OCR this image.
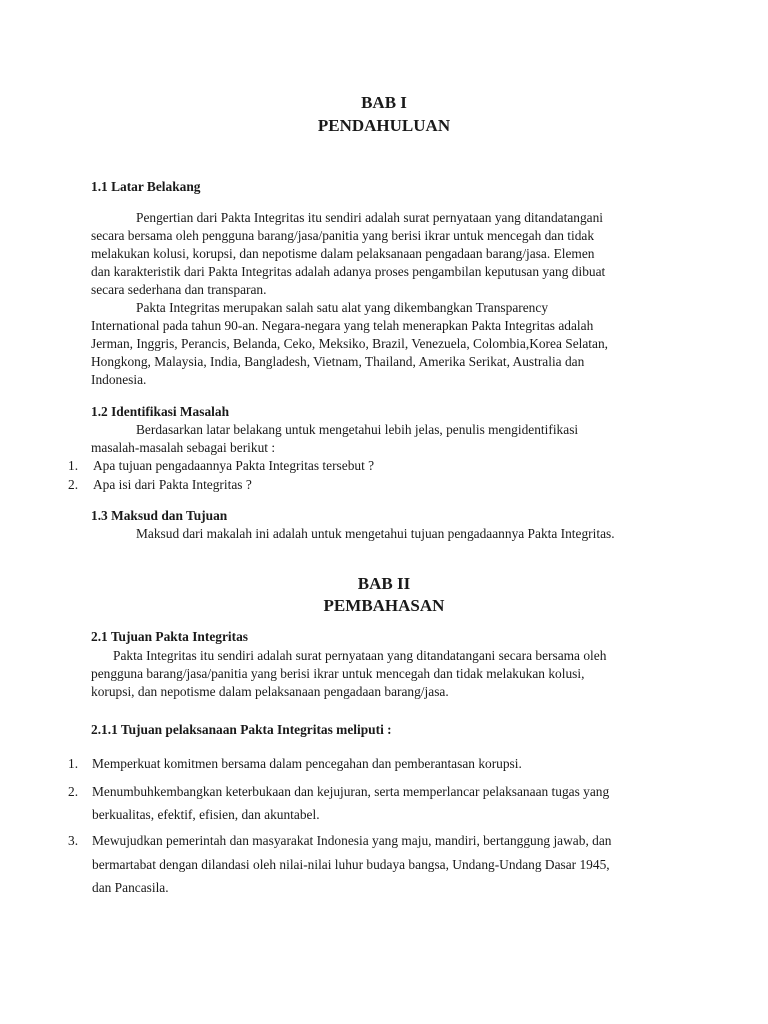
BAB I
PENDAHULUAN
1.1 Latar Belakang
Pengertian dari Pakta Integritas itu sendiri adalah surat pernyataan yang ditandatangani
secara bersama oleh pengguna barang/jasa/panitia yang berisi ikrar untuk mencegah dan tidak
melakukan kolusi, korupsi, dan nepotisme dalam pelaksanaan pengadaan barang/jasa. Elemen
dan karakteristik dari Pakta Integritas adalah adanya proses pengambilan keputusan yang dibuat
secara sederhana dan transparan.
Pakta Integritas merupakan salah satu alat yang dikembangkan Transparency
International pada tahun 90-an. Negara-negara yang telah menerapkan Pakta Integritas adalah
Jerman, Inggris, Perancis, Belanda, Ceko, Meksiko, Brazil, Venezuela, Colombia,Korea Selatan,
Hongkong, Malaysia, India, Bangladesh, Vietnam, Thailand, Amerika Serikat, Australia dan
Indonesia.
1.2 Identifikasi Masalah
Berdasarkan latar belakang untuk mengetahui lebih jelas, penulis mengidentifikasi
masalah-masalah sebagai berikut :
1. Apa tujuan pengadaannya Pakta Integritas tersebut ?
2. Apa isi dari Pakta Integritas ?
1.3 Maksud dan Tujuan
Maksud dari makalah ini adalah untuk mengetahui tujuan pengadaannya Pakta Integritas.
BAB II
PEMBAHASAN
2.1 Tujuan Pakta Integritas
Pakta Integritas itu sendiri adalah surat pernyataan yang ditandatangani secara bersama oleh
pengguna barang/jasa/panitia yang berisi ikrar untuk mencegah dan tidak melakukan kolusi,
korupsi, dan nepotisme dalam pelaksanaan pengadaan barang/jasa.
2.1.1 Tujuan pelaksanaan Pakta Integritas meliputi :
1. Memperkuat komitmen bersama dalam pencegahan dan pemberantasan korupsi.
2. Menumbuhkembangkan keterbukaan dan kejujuran, serta memperlancar pelaksanaan tugas yang
berkualitas, efektif, efisien, dan akuntabel.
3. Mewujudkan pemerintah dan masyarakat Indonesia yang maju, mandiri, bertanggung jawab, dan
bermartabat dengan dilandasi oleh nilai-nilai luhur budaya bangsa, Undang-Undang Dasar 1945,
dan Pancasila.
